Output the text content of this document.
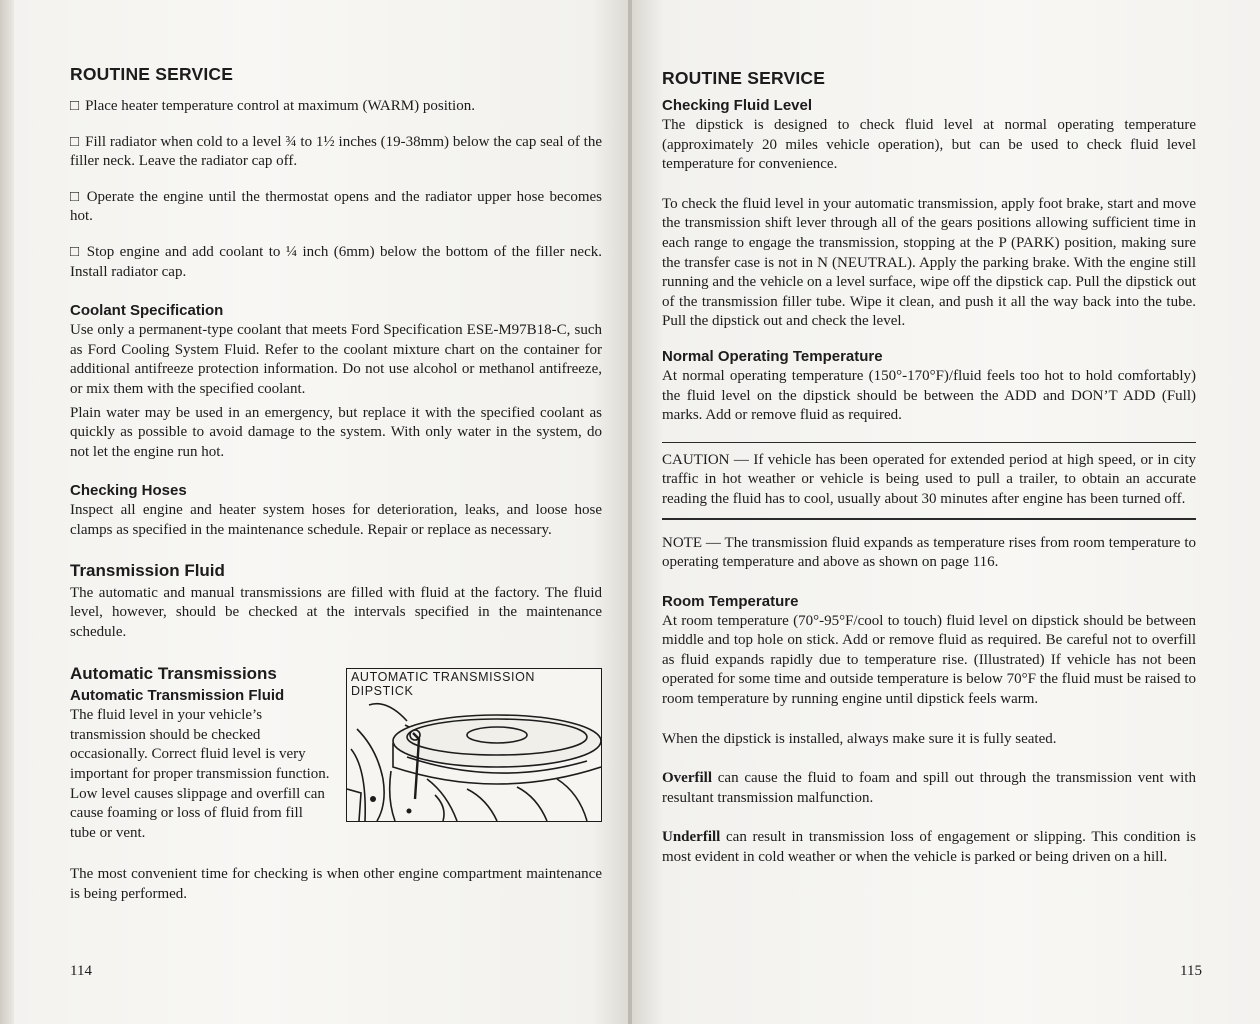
ROUTINE SERVICE

□ Place heater temperature control at maximum (WARM) position.

□ Fill radiator when cold to a level ¾ to 1½ inches (19-38mm) below the cap seal of the filler neck. Leave the radiator cap off.

□ Operate the engine until the thermostat opens and the radiator upper hose becomes hot.

□ Stop engine and add coolant to ¼ inch (6mm) below the bottom of the filler neck. Install radiator cap.

Coolant Specification

Use only a permanent-type coolant that meets Ford Specification ESE-M97B18-C, such as Ford Cooling System Fluid. Refer to the coolant mixture chart on the container for additional antifreeze protection information. Do not use alcohol or methanol antifreeze, or mix them with the specified coolant.

Plain water may be used in an emergency, but replace it with the specified coolant as quickly as possible to avoid damage to the system. With only water in the system, do not let the engine run hot.

Checking Hoses

Inspect all engine and heater system hoses for deterioration, leaks, and loose hose clamps as specified in the maintenance schedule. Repair or replace as necessary.

Transmission Fluid

The automatic and manual transmissions are filled with fluid at the factory. The fluid level, however, should be checked at the intervals specified in the maintenance schedule.

Automatic Transmissions
Automatic Transmission Fluid

The fluid level in your vehicle’s transmission should be checked occasionally. Correct fluid level is very important for proper transmission function. Low level causes slippage and overfill can cause foaming or loss of fluid from fill tube or vent.

AUTOMATIC TRANSMISSION
DIPSTICK

The most convenient time for checking is when other engine compartment maintenance is being performed.

114
ROUTINE SERVICE
Checking Fluid Level

The dipstick is designed to check fluid level at normal operating temperature (approximately 20 miles vehicle operation), but can be used to check fluid level temperature for convenience.

To check the fluid level in your automatic transmission, apply foot brake, start and move the transmission shift lever through all of the gears positions allowing sufficient time in each range to engage the transmission, stopping at the P (PARK) position, making sure the transfer case is not in N (NEUTRAL). Apply the parking brake. With the engine still running and the vehicle on a level surface, wipe off the dipstick cap. Pull the dipstick out of the transmission filler tube. Wipe it clean, and push it all the way back into the tube. Pull the dipstick out and check the level.

Normal Operating Temperature

At normal operating temperature (150°-170°F)/fluid feels too hot to hold comfortably) the fluid level on the dipstick should be between the ADD and DON’T ADD (Full) marks. Add or remove fluid as required.

CAUTION — If vehicle has been operated for extended period at high speed, or in city traffic in hot weather or vehicle is being used to pull a trailer, to obtain an accurate reading the fluid has to cool, usually about 30 minutes after engine has been turned off.

NOTE — The transmission fluid expands as temperature rises from room temperature to operating temperature and above as shown on page 116.

Room Temperature

At room temperature (70°-95°F/cool to touch) fluid level on dipstick should be between middle and top hole on stick. Add or remove fluid as required. Be careful not to overfill as fluid expands rapidly due to temperature rise. (Illustrated) If vehicle has not been operated for some time and outside temperature is below 70°F the fluid must be raised to room temperature by running engine until dipstick feels warm.

When the dipstick is installed, always make sure it is fully seated.

Overfill can cause the fluid to foam and spill out through the transmission vent with resultant transmission malfunction.

Underfill can result in transmission loss of engagement or slipping. This condition is most evident in cold weather or when the vehicle is parked or being driven on a hill.

115
